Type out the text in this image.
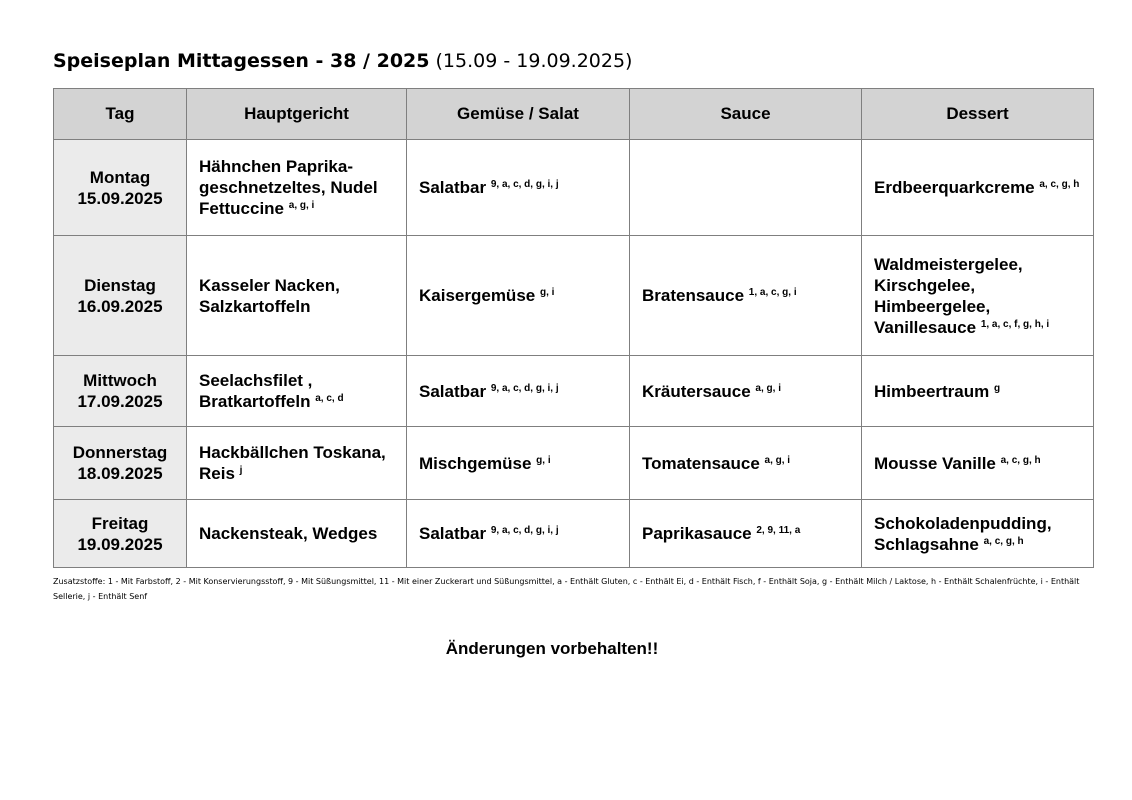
Speiseplan Mittagessen - 38 / 2025 (15.09 - 19.09.2025)
Tag	Hauptgericht	Gemüse / Salat	Sauce	Dessert
Montag
15.09.2025	Hähnchen Paprika-geschnetzeltes, Nudel Fettuccine $^{a, g, i}$	Salatbar $^{9, a, c, d, g, i, j}$		Erdbeerquarkcreme $^{a, c, g, h}$
Dienstag
16.09.2025	Kasseler Nacken, Salzkartoffeln	Kaisergemüse $^{g, i}$	Bratensauce $^{1, a, c, g, i}$	Waldmeistergelee, Kirschgelee, Himbeergelee, Vanillesauce $^{1, a, c, f, g, h, i}$
Mittwoch
17.09.2025	Seelachsfilet , Bratkartoffeln $^{a, c, d}$	Salatbar $^{9, a, c, d, g, i, j}$	Kräutersauce $^{a, g, i}$	Himbeertraum $^g$
Donnerstag
18.09.2025	Hackbällchen Toskana, Reis $^j$	Mischgemüse $^{g, i}$	Tomatensauce $^{a, g, i}$	Mousse Vanille $^{a, c, g, h}$
Freitag
19.09.2025	Nackensteak, Wedges	Salatbar $^{9, a, c, d, g, i, j}$	Paprikasauce $^{2, 9, 11, a}$	Schokoladenpudding, Schlagsahne $^{a, c, g, h}$
Zusatzstoffe: 1 - Mit Farbstoff, 2 - Mit Konservierungsstoff, 9 - Mit Süßungsmittel, 11 - Mit einer Zuckerart und Süßungsmittel, a - Enthält Gluten, c - Enthält Ei, d - Enthält Fisch, f - Enthält Soja, g - Enthält Milch / Laktose, h - Enthält Schalenfrüchte, i - Enthält Sellerie, j - Enthält Senf
Änderungen vorbehalten!!
